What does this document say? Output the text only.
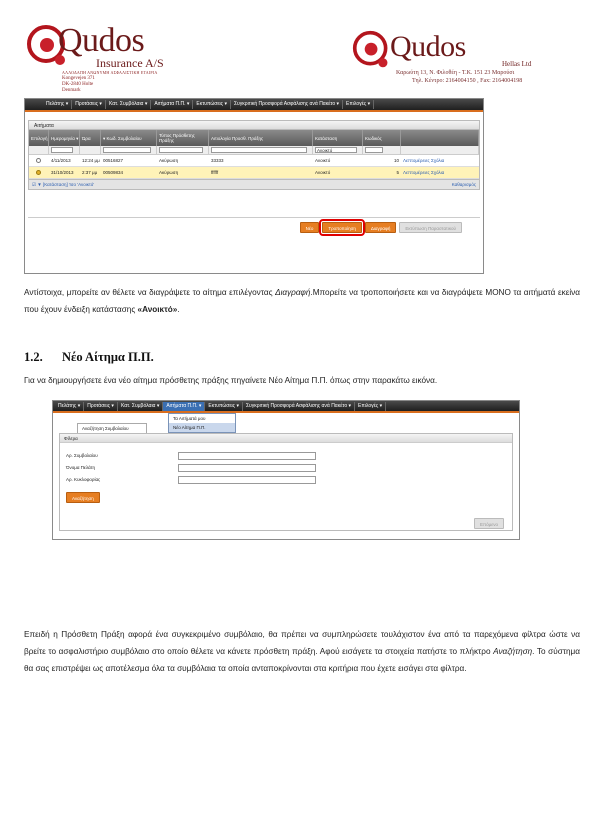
Qudos
Insurance A/S
ΑΛΛΟΔΑΠΗ ΑΝΩΝΥΜΗ ΑΣΦΑΛΙΣΤΙΚΗ ΕΤΑΙΡΙΑ
Kongevejen 371
DK-2840 Holte
Denmark
Qudos
Hellas Ltd
Καρωύτη 13, Ν. Φιλοθέη - Τ.Κ. 151 23 Μαρούσι
Τηλ. Κέντρο: 2164004150 , Fax: 2164004198
Πελάτης ▾	Προτάσεις ▾	Κατ. Συμβόλαια ▾	Αιτήματα Π.Π. ▾	Εκτυπώσεις ▾	Συγκριτική Προσφορά Ασφάλισης ανά Πακέτο ▾	Επιλογές ▾
Αιτήματα
Επιλογή Ημερομηνία ▾ Ώρα	▾ Κωδ. Συμβολαίου	Τύπος Πρόσθετης Πράξης	Αιτιολογία Προσθ. Πράξης	Κατάσταση	Κωδικός
Ανοικτό
4/11/2013	12:24 μμ 00516827	Ακύρωση	33333	Ανοικτό	10 Λεπτομέρειες
Σχόλια
31/10/2013	2:37 μμ	00509834	Ακύρωση	ffffff	Ανοικτό	5 Λεπτομέρειες
Σχόλια
☑ ▼ [Κατάσταση] Ίσο 'Ανοικτό'	Καθαρισμός
Νέο	Τροποποίηση	Διαγραφή	Εκτύπωση Παραστατικού

Αντίστοιχα, μπορείτε αν θέλετε να διαγράψετε το αίτημα επιλέγοντας Διαγραφή.Μπορείτε να τροποποιήσετε και να διαγράψετε ΜΟΝΟ τα αιτήματά εκείνα που έχουν ένδειξη κατάστασης «Ανοικτό».

1.2. Νέο Αίτημα Π.Π.

Για να δημιουργήσετε ένα νέο αίτημα πρόσθετης πράξης πηγαίνετε Νέο Αίτημα Π.Π. όπως στην παρακάτω εικόνα.

Πελάτης ▾	Προτάσεις ▾	Κατ. Συμβόλαια ▾	Αιτήματα Π.Π. ▾	Εκτυπώσεις ▾	Συγκριτική Προσφορά Ασφάλισης ανά Πακέτο ▾	Επιλογές ▾
Τα Αιτήματά μου
Νέο Αίτημα Π.Π.
Αναζήτηση Συμβολαίου
Φίλτρα
Αρ. Συμβολαίου
Όνομα Πελάτη
Αρ. Κυκλοφορίας
Αναζήτηση
Επόμενο

Επειδή η Πρόσθετη Πράξη αφορά ένα συγκεκριμένο συμβόλαιο, θα πρέπει να συμπληρώσετε τουλάχιστον ένα από τα παρεχόμενα φίλτρα ώστε να βρείτε το ασφαλιστήριο συμβόλαιο στο οποίο θέλετε να κάνετε πρόσθετη πράξη. Αφού εισάγετε τα στοιχεία πατήστε το πλήκτρο Αναζήτηση. Το σύστημα θα σας επιστρέψει ως αποτέλεσμα όλα τα συμβόλαια τα οποία ανταποκρίνονται στα κριτήρια που έχετε εισάγει στα φίλτρα.
